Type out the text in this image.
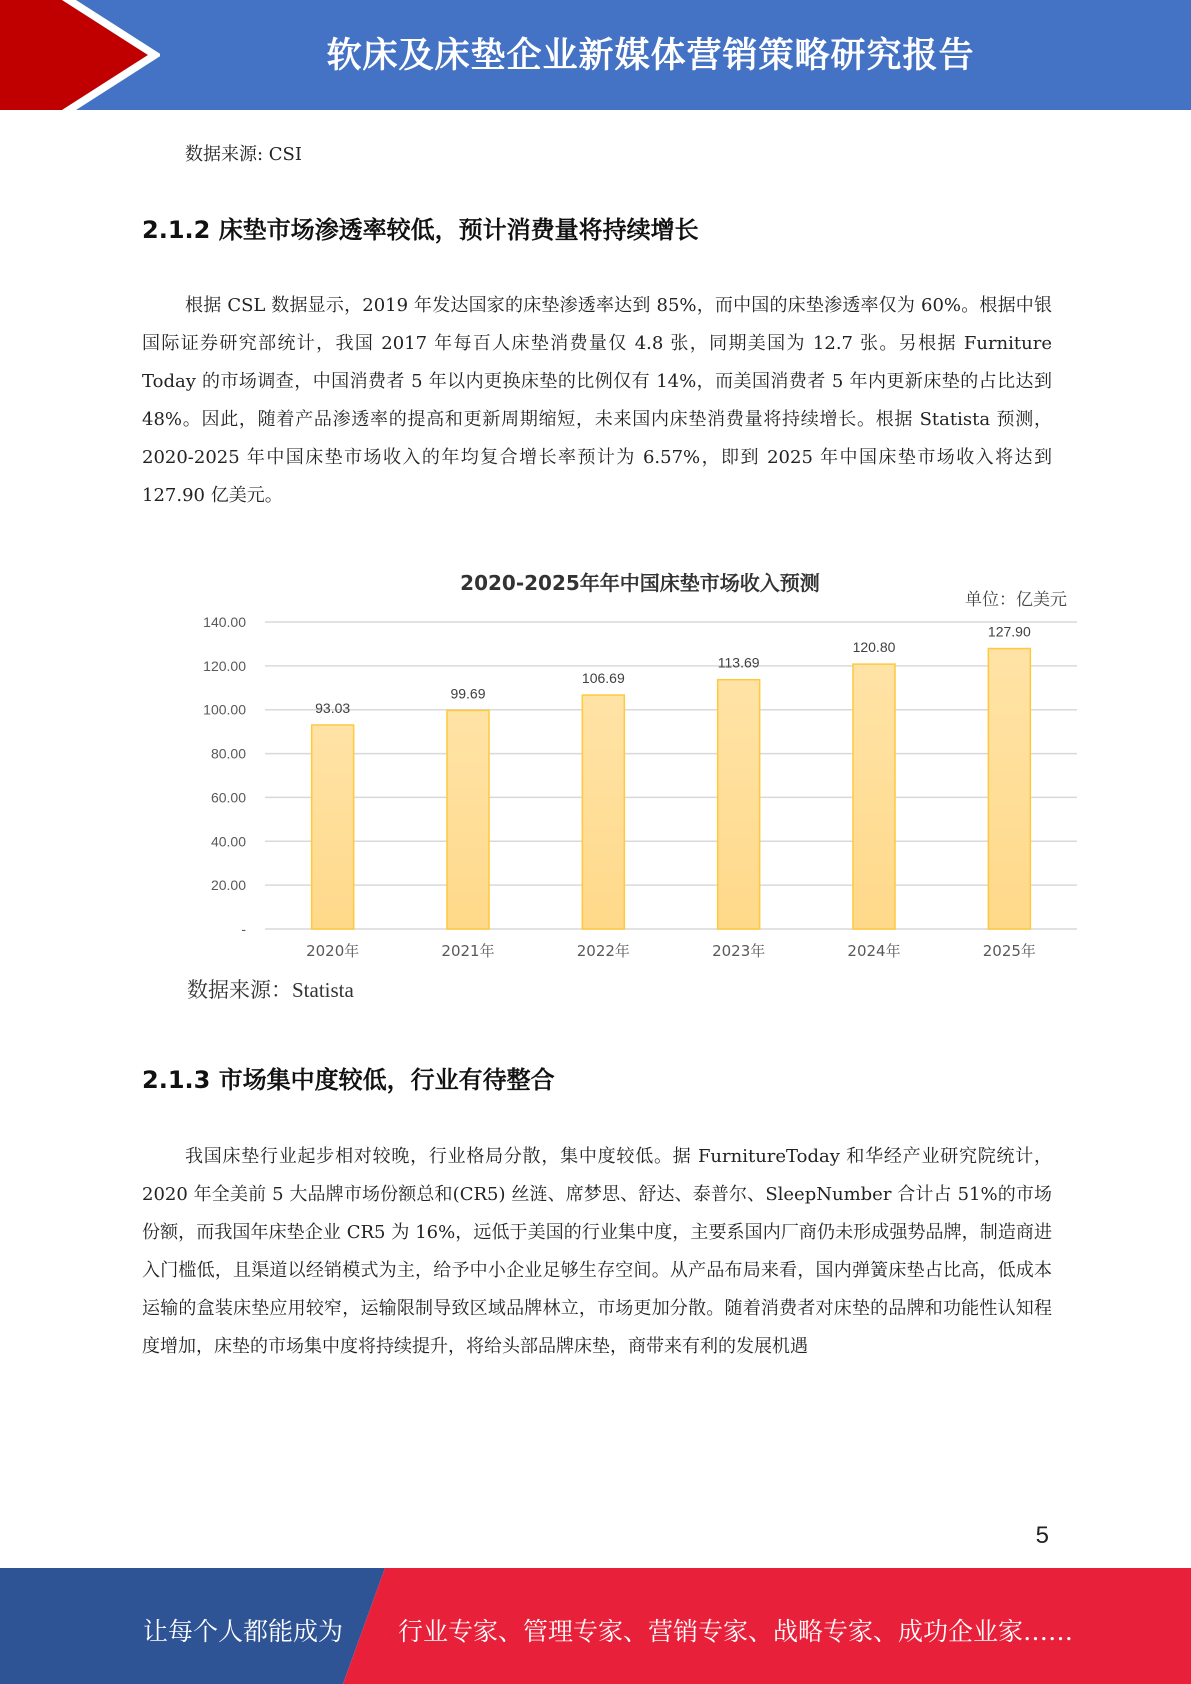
软床及床垫企业新媒体营销策略研究报告
数据来源: CSI
2.1.2 床垫市场渗透率较低，预计消费量将持续增长

根据 CSL 数据显示，2019 年发达国家的床垫渗透率达到 85%，而中国的床垫渗透率仅为 60%。根据中银国际证券研究部统计，我国 2017 年每百人床垫消费量仅 4.8 张，同期美国为 12.7 张。另根据 Furniture Today 的市场调查，中国消费者 5 年以内更换床垫的比例仅有 14%，而美国消费者 5 年内更新床垫的占比达到 48%。因此，随着产品渗透率的提高和更新周期缩短，未来国内床垫消费量将持续增长。根据 Statista 预测，2020-2025 年中国床垫市场收入的年均复合增长率预计为 6.57%，即到 2025 年中国床垫市场收入将达到 127.90 亿美元。

2020-2025年年中国床垫市场收入预测
单位：亿美元
-
20.00
40.00
60.00
80.00
100.00
120.00
140.00
93.03
2020年
99.69
2021年
106.69
2022年
113.69
2023年
120.80
2024年
127.90
2025年
数据来源：Statista
2.1.3 市场集中度较低，行业有待整合

我国床垫行业起步相对较晚，行业格局分散，集中度较低。据 FurnitureToday 和华经产业研究院统计，2020 年全美前 5 大品牌市场份额总和(CR5) 丝涟、席梦思、舒达、泰普尔、SleepNumber 合计占 51%的市场份额，而我国年床垫企业 CR5 为 16%，远低于美国的行业集中度，主要系国内厂商仍未形成强势品牌，制造商进入门槛低，且渠道以经销模式为主，给予中小企业足够生存空间。从产品布局来看，国内弹簧床垫占比高，低成本运输的盒装床垫应用较窄，运输限制导致区域品牌林立，市场更加分散。随着消费者对床垫的品牌和功能性认知程度增加，床垫的市场集中度将持续提升，将给头部品牌床垫，商带来有利的发展机遇

5
让每个人都能成为 行业专家、管理专家、营销专家、战略专家、成功企业家……
